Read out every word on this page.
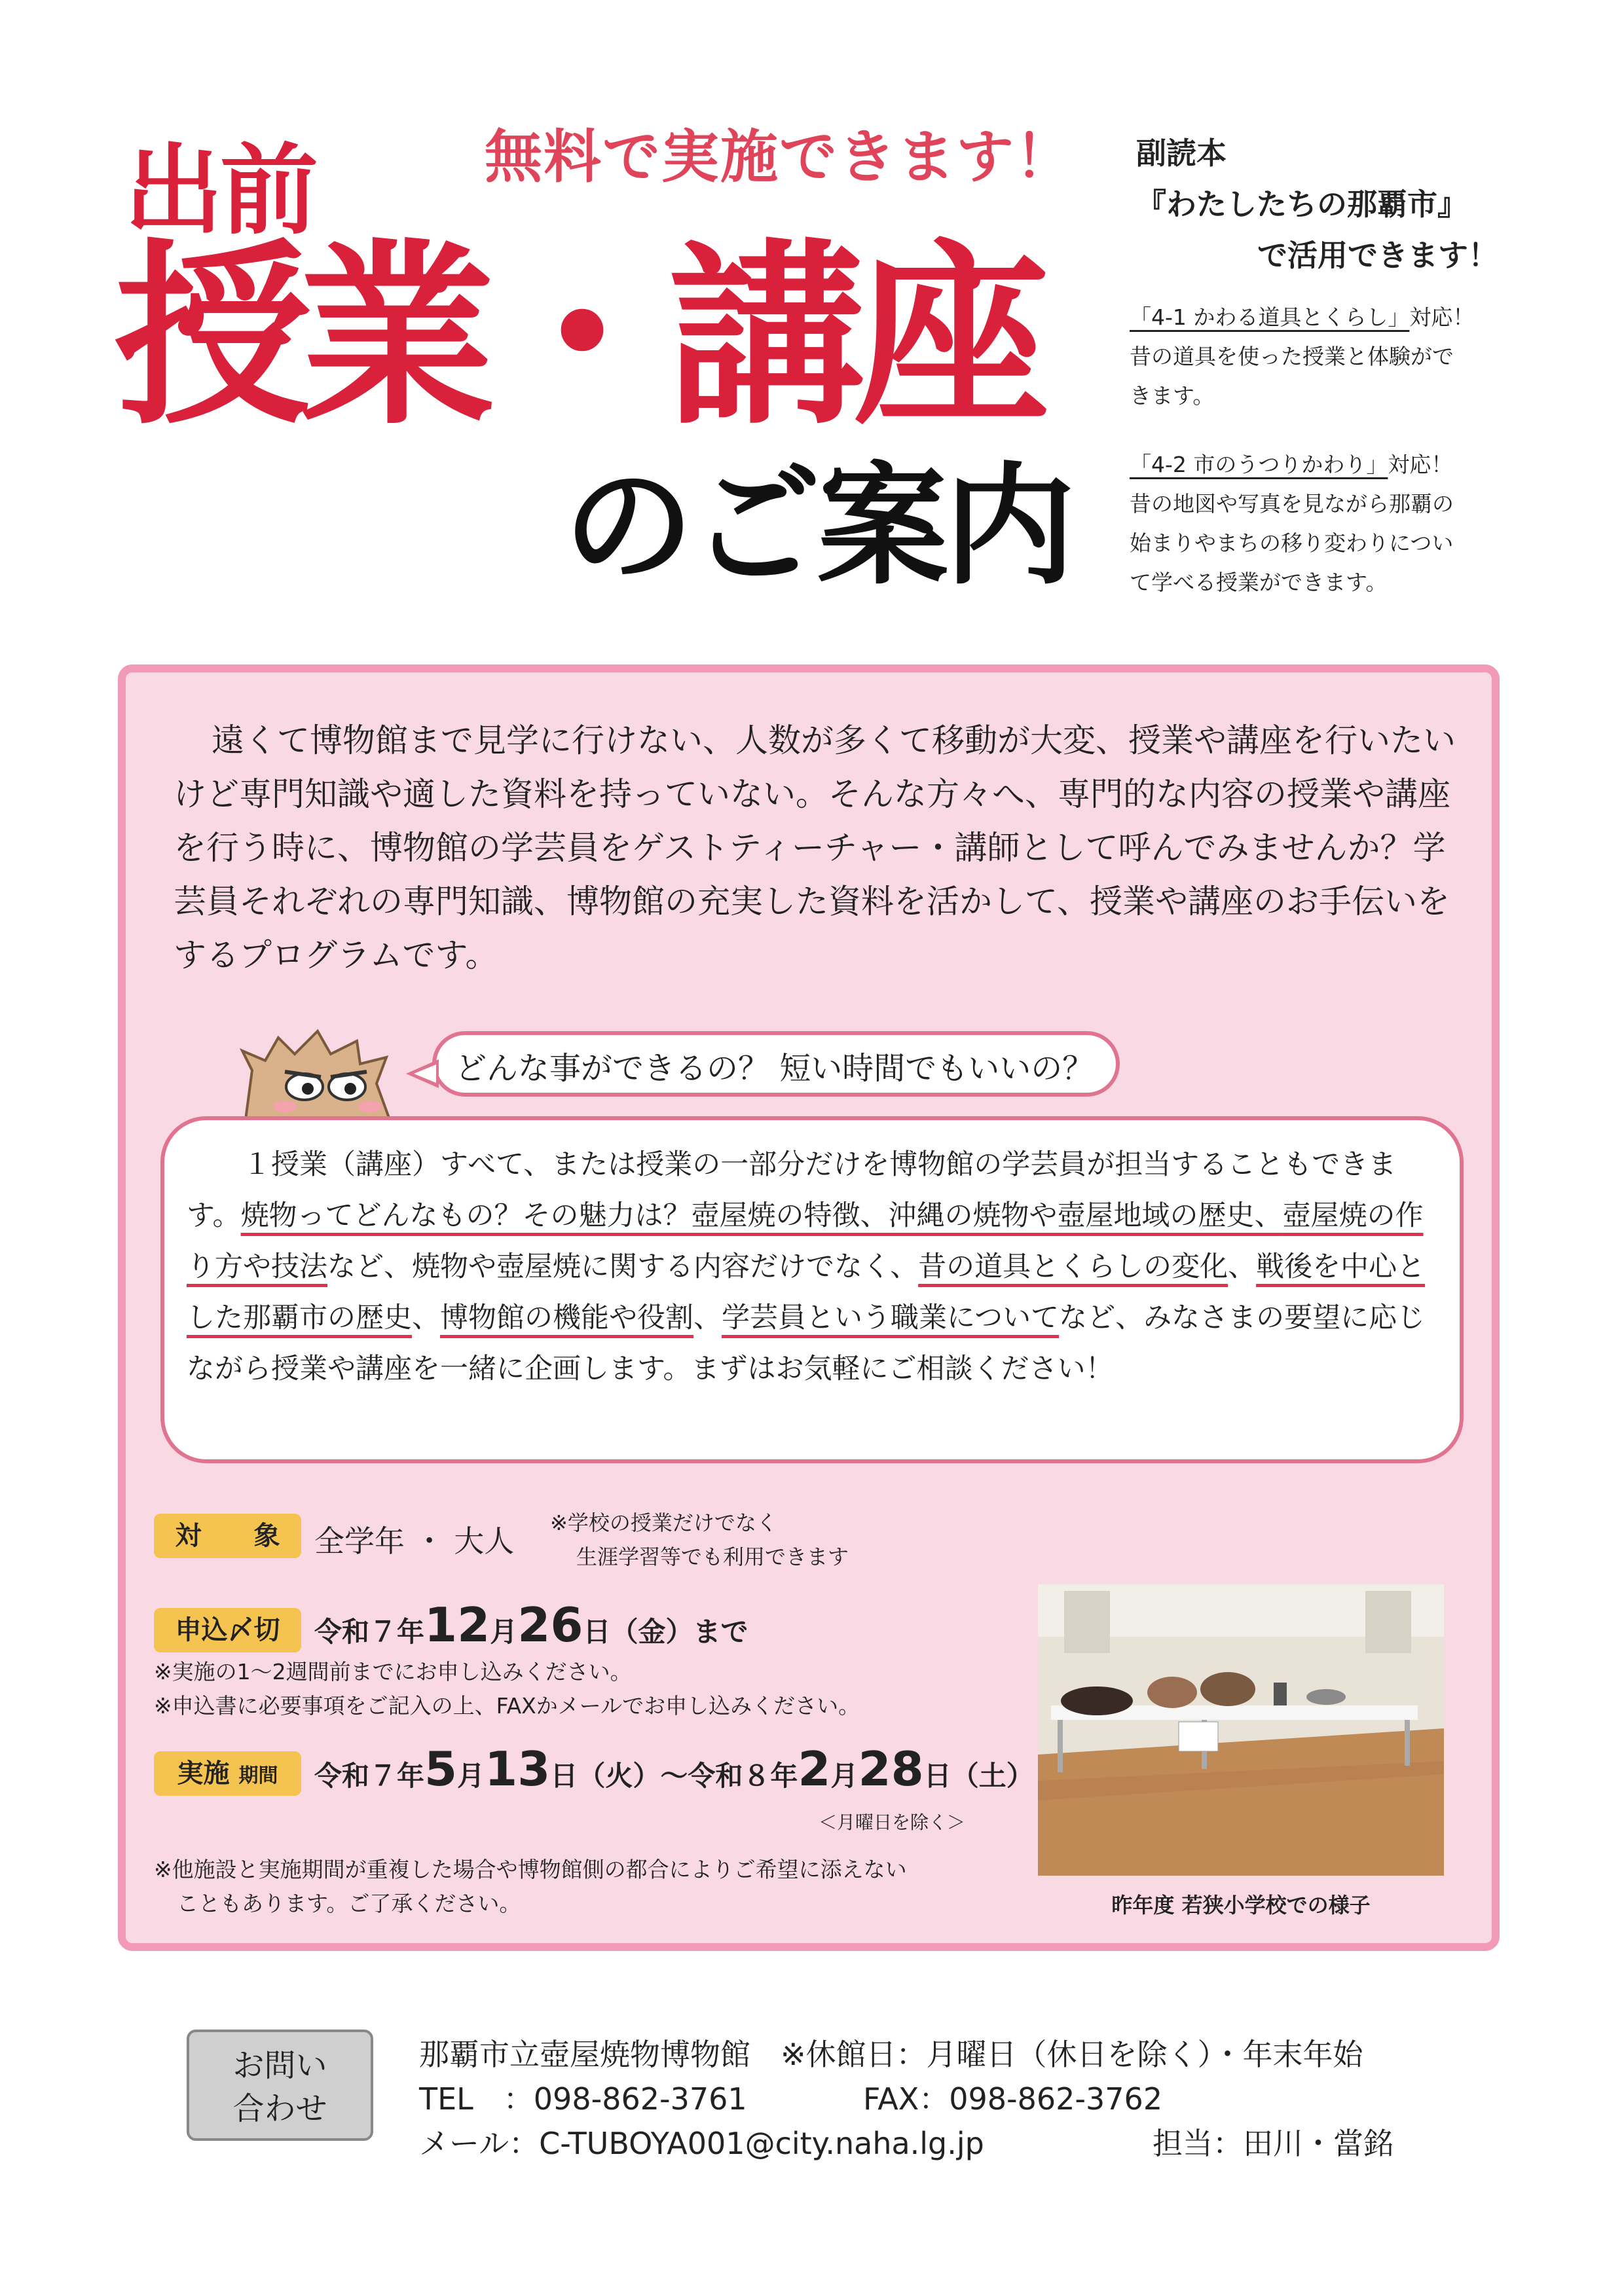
出前	無料で実施できます！
授業・講座
のご案内
副読本
『わたしたちの那覇市』
で活用できます！
「4-1 かわる道具とくらし」対応！
昔の道具を使った授業と体験がで
きます。
「4-2 市のうつりかわり」対応！
昔の地図や写真を見ながら那覇の
始まりやまちの移り変わりについ
て学べる授業ができます。

遠くて博物館まで見学に行けない、人数が多くて移動が大変、授業や講座を行いたいけど専門知識や適した資料を持っていない。そんな方々へ、専門的な内容の授業や講座を行う時に、博物館の学芸員をゲストティーチャー・講師として呼んでみませんか？学芸員それぞれの専門知識、博物館の充実した資料を活かして、授業や講座のお手伝いをするプログラムです。

どんな事ができるの？ 短い時間でもいいの？
１授業（講座）すべて、または授業の一部分だけを博物館の学芸員が担当することもできます。焼物ってどんなもの？その魅力は？壺屋焼の特徴、沖縄の焼物や壺屋地域の歴史、壺屋焼の作り方や技法など、焼物や壺屋焼に関する内容だけでなく、昔の道具とくらしの変化、戦後を中心とした那覇市の歴史、博物館の機能や役割、学芸員という職業についてなど、みなさまの要望に応じながら授業や講座を一緒に企画します。まずはお気軽にご相談ください！
対　　象	全学年 ・ 大人
※学校の授業だけでなく
生涯学習等でも利用できます
申込〆切	令和７年12月26日（金）まで
※実施の1～2週間前までにお申し込みください。
※申込書に必要事項をご記入の上、FAXかメールでお申し込みください。
実施 期間	令和７年5月13日（火）～令和８年2月28日（土）
＜月曜日を除く＞
※他施設と実施期間が重複した場合や博物館側の都合によりご希望に添えない
こともあります。ご了承ください。	昨年度 若狭小学校での様子
お問い
合わせ
那覇市立壺屋焼物博物館　 ※休館日：月曜日（休日を除く）・年末年始
TEL　：098-862-3761	FAX：098-862-3762
メール：C-TUBOYA001@city.naha.lg.jp	担当：田川・當銘
